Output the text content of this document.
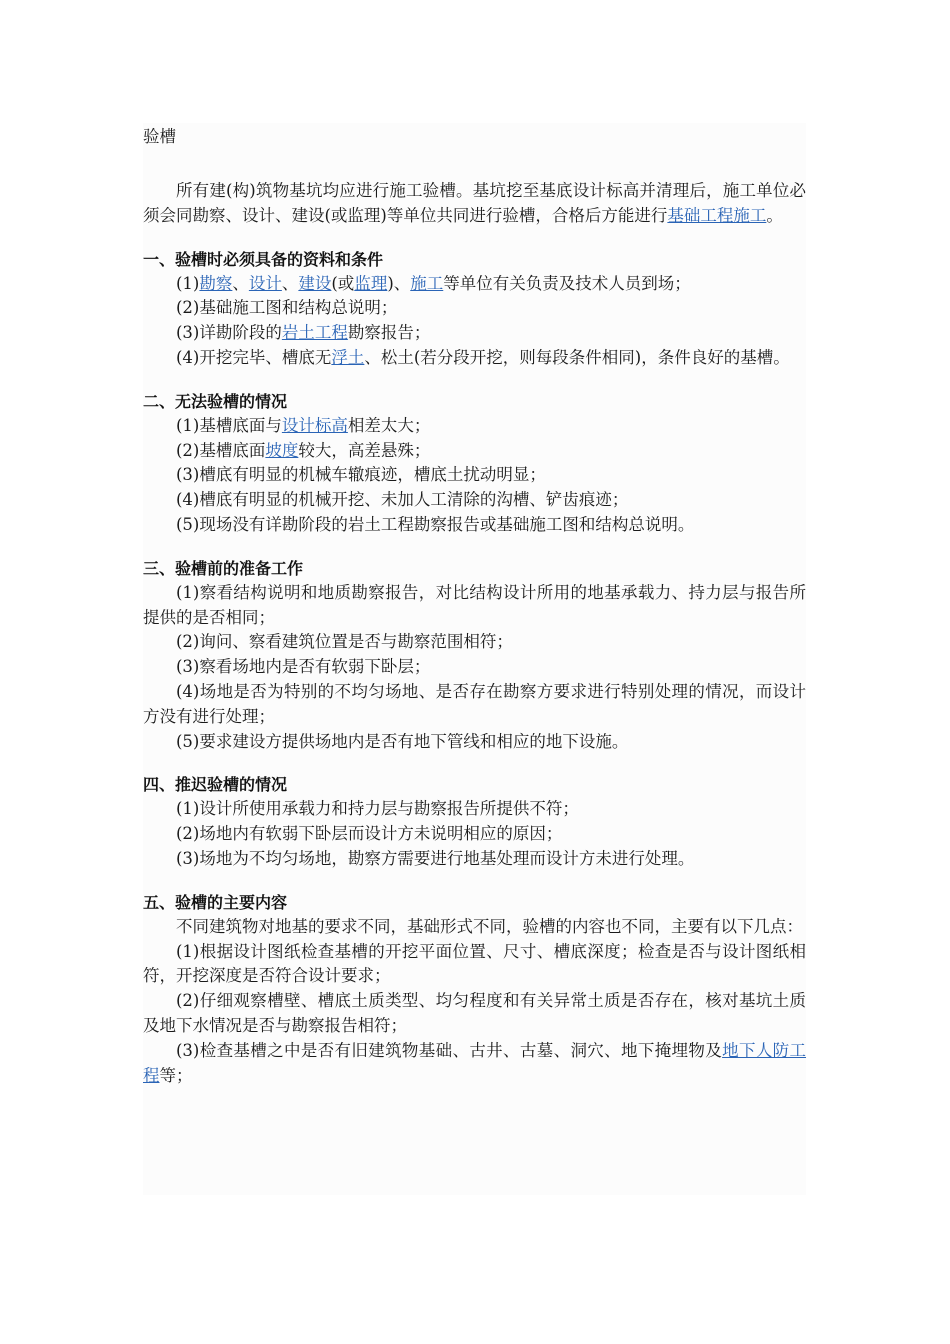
验槽

所有建(构)筑物基坑均应进行施工验槽。基坑挖至基底设计标高并清理后，施工单位必须会同勘察、设计、建设(或监理)等单位共同进行验槽，合格后方能进行基础工程施工。

一、验槽时必须具备的资料和条件

(1)勘察、设计、建设(或监理)、施工等单位有关负责及技术人员到场；

(2)基础施工图和结构总说明；

(3)详勘阶段的岩土工程勘察报告；

(4)开挖完毕、槽底无浮土、松土(若分段开挖，则每段条件相同)，条件良好的基槽。

二、无法验槽的情况

(1)基槽底面与设计标高相差太大；

(2)基槽底面坡度较大，高差悬殊；

(3)槽底有明显的机械车辙痕迹，槽底土扰动明显；

(4)槽底有明显的机械开挖、未加人工清除的沟槽、铲齿痕迹；

(5)现场没有详勘阶段的岩土工程勘察报告或基础施工图和结构总说明。

三、验槽前的准备工作

(1)察看结构说明和地质勘察报告，对比结构设计所用的地基承载力、持力层与报告所提供的是否相同；

(2)询问、察看建筑位置是否与勘察范围相符；

(3)察看场地内是否有软弱下卧层；

(4)场地是否为特别的不均匀场地、是否存在勘察方要求进行特别处理的情况，而设计方没有进行处理；

(5)要求建设方提供场地内是否有地下管线和相应的地下设施。

四、推迟验槽的情况

(1)设计所使用承载力和持力层与勘察报告所提供不符；

(2)场地内有软弱下卧层而设计方未说明相应的原因；

(3)场地为不均匀场地，勘察方需要进行地基处理而设计方未进行处理。

五、验槽的主要内容

不同建筑物对地基的要求不同，基础形式不同，验槽的内容也不同，主要有以下几点：

(1)根据设计图纸检查基槽的开挖平面位置、尺寸、槽底深度；检查是否与设计图纸相符，开挖深度是否符合设计要求；

(2)仔细观察槽壁、槽底土质类型、均匀程度和有关异常土质是否存在，核对基坑土质及地下水情况是否与勘察报告相符；

(3)检查基槽之中是否有旧建筑物基础、古井、古墓、洞穴、地下掩埋物及地下人防工程等；
